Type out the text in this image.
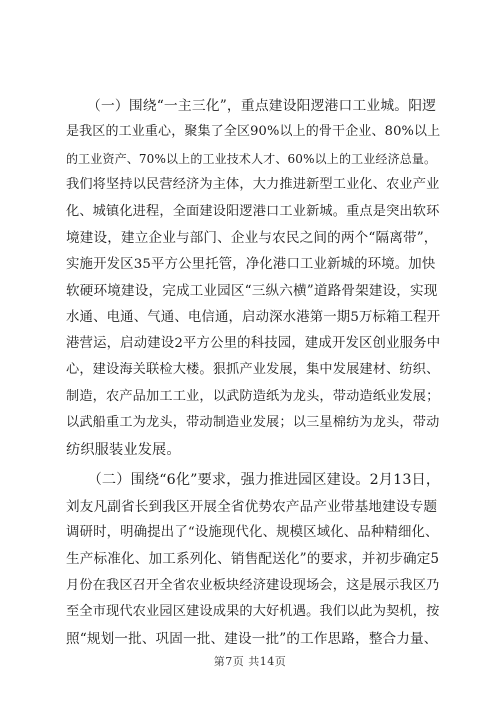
　　（一）围绕“一主三化”，重点建设阳逻港口工业城。阳逻
是我区的工业重心，聚集了全区90%以上的骨干企业、80%以上
的工业资产、70%以上的工业技术人才、60%以上的工业经济总量。
我们将坚持以民营经济为主体，大力推进新型工业化、农业产业
化、城镇化进程，全面建设阳逻港口工业新城。重点是突出软环
境建设，建立企业与部门、企业与农民之间的两个“隔离带”，
实施开发区35平方公里托管，净化港口工业新城的环境。加快
软硬环境建设，完成工业园区“三纵六横”道路骨架建设，实现
水通、电通、气通、电信通，启动深水港第一期5万标箱工程开
港营运，启动建设2平方公里的科技园，建成开发区创业服务中
心，建设海关联检大楼。狠抓产业发展，集中发展建材、纺织、
制造，农产品加工工业，以武防造纸为龙头，带动造纸业发展；
以武船重工为龙头，带动制造业发展；以三星棉纺为龙头，带动
纺织服装业发展。
　　（二）围绕“6化”要求，强力推进园区建设。2月13日，
刘友凡副省长到我区开展全省优势农产品产业带基地建设专题
调研时，明确提出了“设施现代化、规模区域化、品种精细化、
生产标准化、加工系列化、销售配送化”的要求，并初步确定5
月份在我区召开全省农业板块经济建设现场会，这是展示我区乃
至全市现代农业园区建设成果的大好机遇。我们以此为契机，按
照“规划一批、巩固一批、建设一批”的工作思路，整合力量、
第7页 共14页
